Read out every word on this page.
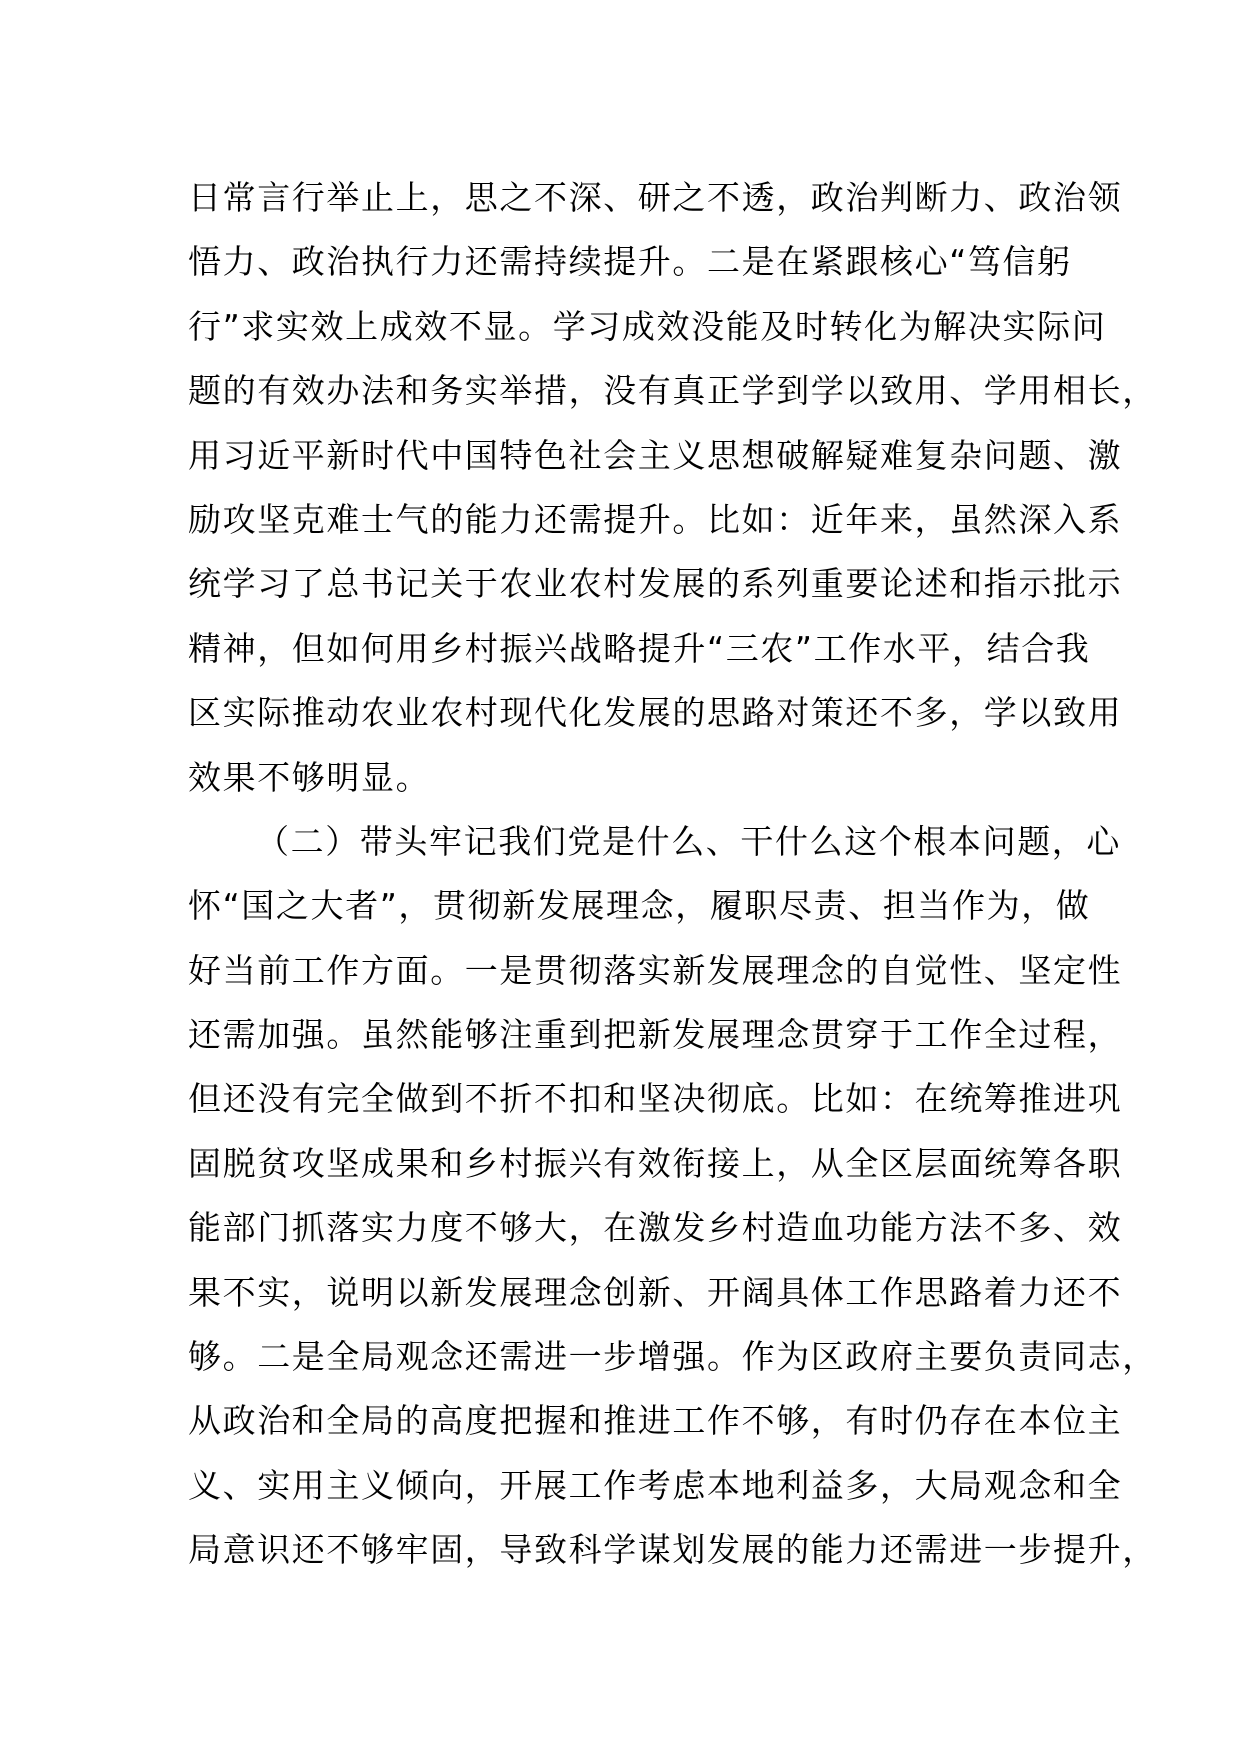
日常言行举止上，思之不深、研之不透，政治判断力、政治领
悟力、政治执行力还需持续提升。二是在紧跟核心“笃信躬
行”求实效上成效不显。学习成效没能及时转化为解决实际问
题的有效办法和务实举措，没有真正学到学以致用、学用相长，
用习近平新时代中国特色社会主义思想破解疑难复杂问题、激
励攻坚克难士气的能力还需提升。比如：近年来，虽然深入系
统学习了总书记关于农业农村发展的系列重要论述和指示批示
精神，但如何用乡村振兴战略提升“三农”工作水平，结合我
区实际推动农业农村现代化发展的思路对策还不多，学以致用
效果不够明显。
（二）带头牢记我们党是什么、干什么这个根本问题，心
怀“国之大者”，贯彻新发展理念，履职尽责、担当作为，做
好当前工作方面。一是贯彻落实新发展理念的自觉性、坚定性
还需加强。虽然能够注重到把新发展理念贯穿于工作全过程，
但还没有完全做到不折不扣和坚决彻底。比如：在统筹推进巩
固脱贫攻坚成果和乡村振兴有效衔接上，从全区层面统筹各职
能部门抓落实力度不够大，在激发乡村造血功能方法不多、效
果不实，说明以新发展理念创新、开阔具体工作思路着力还不
够。二是全局观念还需进一步增强。作为区政府主要负责同志，
从政治和全局的高度把握和推进工作不够，有时仍存在本位主
义、实用主义倾向，开展工作考虑本地利益多，大局观念和全
局意识还不够牢固，导致科学谋划发展的能力还需进一步提升，
